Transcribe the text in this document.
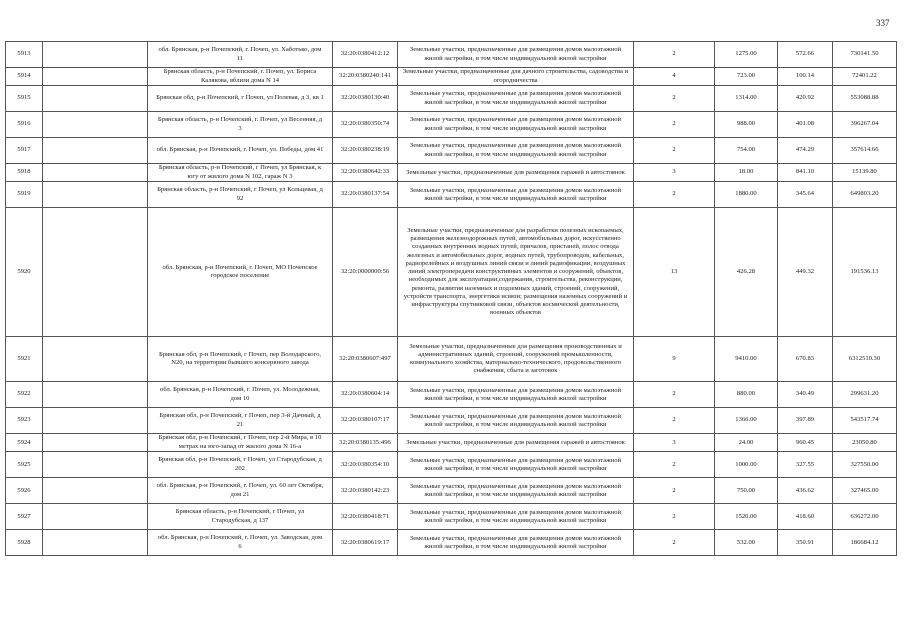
337
5913		обл. Брянская, р-н Почепский, г. Почеп, ул. Хаботько, дом 11	32:20:0380412:12	Земельные участки, предназначенные для размещения домов малоэтажной жилой застройки, в том числе индивидуальной жилой застройки	2	1275.00	572.66	730141.50
5914		Брянская область, р-н Почепский, г. Почеп, ул. Бориса Калякова, вблизи дома N 14	32:20:0380240:141	Земельные участки, предназначенные для дачного строительства, садоводства и огородничества	4	723.00	100.14	72401.22
5915		Брянская обл, р-н Почепский, г Почеп, ул Полевая, д 3, кв 1	32:20:0380130:40	Земельные участки, предназначенные для размещения домов малоэтажной жилой застройки, в том числе индивидуальной жилой застройки	2	1314.00	420.92	553088.88
5916		Брянская область, р-н Почепский, г. Почеп, ул Весенняя, д 3	32:20:0380350:74	Земельные участки, предназначенные для размещения домов малоэтажной жилой застройки, в том числе индивидуальной жилой застройки	2	988.00	401.08	396267.04
5917		обл. Брянская, р-н Почепский, г. Почеп, ул. Победы, дом 41	32:20:0380238:19	Земельные участки, предназначенные для размещения домов малоэтажной жилой застройки, в том числе индивидуальной жилой застройки	2	754.00	474.29	357614.66
5918		Брянская область, р-н Почепский, г Почеп, ул Брянская, к югу от жилого дома N 102, гараж N 3	32:20:0380642:33	Земельные участки, предназначенные для размещения гаражей и автостоянок	3	18.00	841.10	15139.80
5919		Брянская область, р-н Почепский, г Почеп, ул Кольцевая, д 92	32:20:0380137:54	Земельные участки, предназначенные для размещения домов малоэтажной жилой застройки, в том числе индивидуальной жилой застройки	2	1880.00	345.64	649803.20
5920		обл. Брянская, р-н Почепский, г. Почеп, МО Почепское городское поселение	32:20:0000000:56	Земельные участки, предназначенные для разработки полезных ископаемых, размещения железнодорожных путей, автомобильных дорог, искусственно созданных внутренних водных путей, причалов, пристаней, полос отвода железных и автомобильных дорог, водных путей, трубопроводов, кабельных, радиорелейных и воздушных линий связи и линий радиофикации, воздушных линий электропередачи конструктивных элементов и сооружений, объектов, необходимых для эксплуатации,содержания, строительства, реконструкции, ремонта, развития наземных и подземных зданий, строений, сооружений, устройств транспорта, энергетики исвязи; размещения наземных сооружений и инфраструктуры спутниковой связи, объектов космической деятельности, военных объектов	13	426.28	449.32	191536.13
5921		Брянская обл, р-н Почепский, г Почеп, пер Володарского, N20, на территории бывшего консервного завода	32:20:0380607:497	Земельные участки, предназначенные для размещения производственных и административных зданий, строений, сооружений промышленности, коммунального хозяйства, материально-технического, продовольственного снабжения, сбыта и заготовок	9	9410.00	670.83	6312510.30
5922		обл. Брянская, р-н Почепский, г. Почеп, ул. Молодежная, дом 10	32:20:0380604:14	Земельные участки, предназначенные для размещения домов малоэтажной жилой застройки, в том числе индивидуальной жилой застройки	2	880.00	340.49	299631.20
5923		Брянская обл, р-н Почепский, г Почеп, пер 3-й Дачный, д 21	32:20:0380107:17	Земельные участки, предназначенные для размещения домов малоэтажной жилой застройки, в том числе индивидуальной жилой застройки	2	1366.00	397.89	543517.74
5924		Брянская обл, р-н Почепский, г Почеп, пер 2-й Мира, в 10 метрах на юго-запад от жилого дома N 16-а	32:20:0380135:496	Земельные участки, предназначенные для размещения гаражей и автостоянок	3	24.00	960.45	23050.80
5925		Брянская обл, р-н Почепский, г Почеп, ул Стародубская, д 202	32:20:0380354:10	Земельные участки, предназначенные для размещения домов малоэтажной жилой застройки, в том числе индивидуальной жилой застройки	2	1000.00	327.55	327550.00
5926		обл. Брянская, р-н Почепский, г. Почеп, ул. 60 лет Октября, дом 21	32:20:0380142:23	Земельные участки, предназначенные для размещения домов малоэтажной жилой застройки, в том числе индивидуальной жилой застройки	2	750.00	436.62	327465.00
5927		Брянская область, р-н Почепский, г Почеп, ул Стародубская, д 137	32:20:0380418:71	Земельные участки, предназначенные для размещения домов малоэтажной жилой застройки, в том числе индивидуальной жилой застройки	2	1520.00	418.60	636272.00
5928		обл. Брянская, р-н Почепский, г. Почеп, ул. Заводская, дом 6	32:20:0380619:17	Земельные участки, предназначенные для размещения домов малоэтажной жилой застройки, в том числе индивидуальной жилой застройки	2	532.00	350.91	186684.12
